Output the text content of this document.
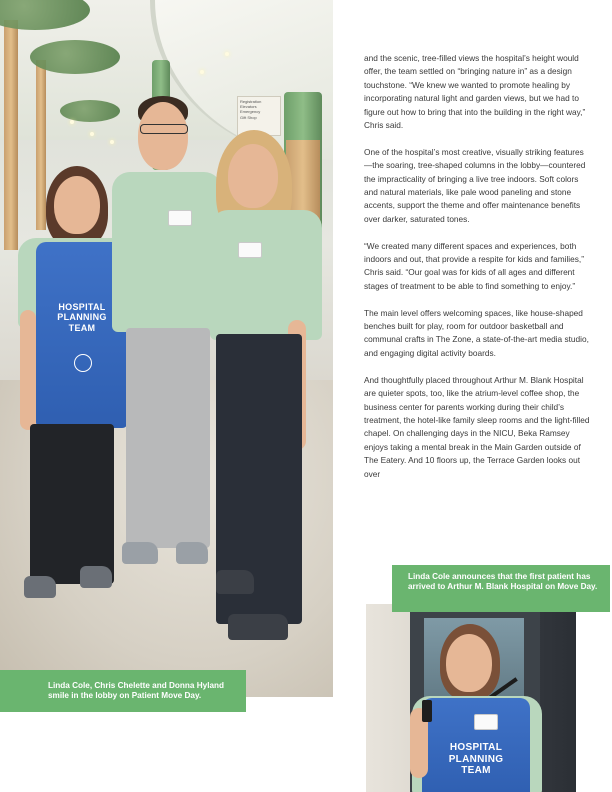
Registration
Elevators
Emergency
Gift Shop
HOSPITAL PLANNING TEAM
Linda Cole, Chris Chelette and Donna Hyland smile in the lobby on Patient Move Day.

and the scenic, tree-filled views the hospital’s height would offer, the team settled on “bringing nature in” as a design touchstone. “We knew we wanted to promote healing by incorporating natural light and garden views, but we had to figure out how to bring that into the building in the right way,” Chris said.

One of the hospital’s most creative, visually striking features—the soaring, tree-shaped columns in the lobby—countered the impracticality of bringing a live tree indoors. Soft colors and natural materials, like pale wood paneling and stone accents, support the theme and offer maintenance benefits over darker, saturated tones.

“We created many different spaces and experiences, both indoors and out, that provide a respite for kids and families,” Chris said. “Our goal was for kids of all ages and different stages of treatment to be able to find something to enjoy.”

The main level offers welcoming spaces, like house-shaped benches built for play, room for outdoor basketball and communal crafts in The Zone, a state-of-the-art media studio, and engaging digital activity boards.

And thoughtfully placed throughout Arthur M. Blank Hospital are quieter spots, too, like the atrium-level coffee shop, the business center for parents working during their child’s treatment, the hotel-like family sleep rooms and the light-filled chapel. On challenging days in the NICU, Beka Ramsey enjoys taking a mental break in the Main Garden outside of The Eatery. And 10 floors up, the Terrace Garden looks out over

HOSPITAL PLANNING TEAM
Linda Cole announces that the first patient has arrived to Arthur M. Blank Hospital on Move Day.
